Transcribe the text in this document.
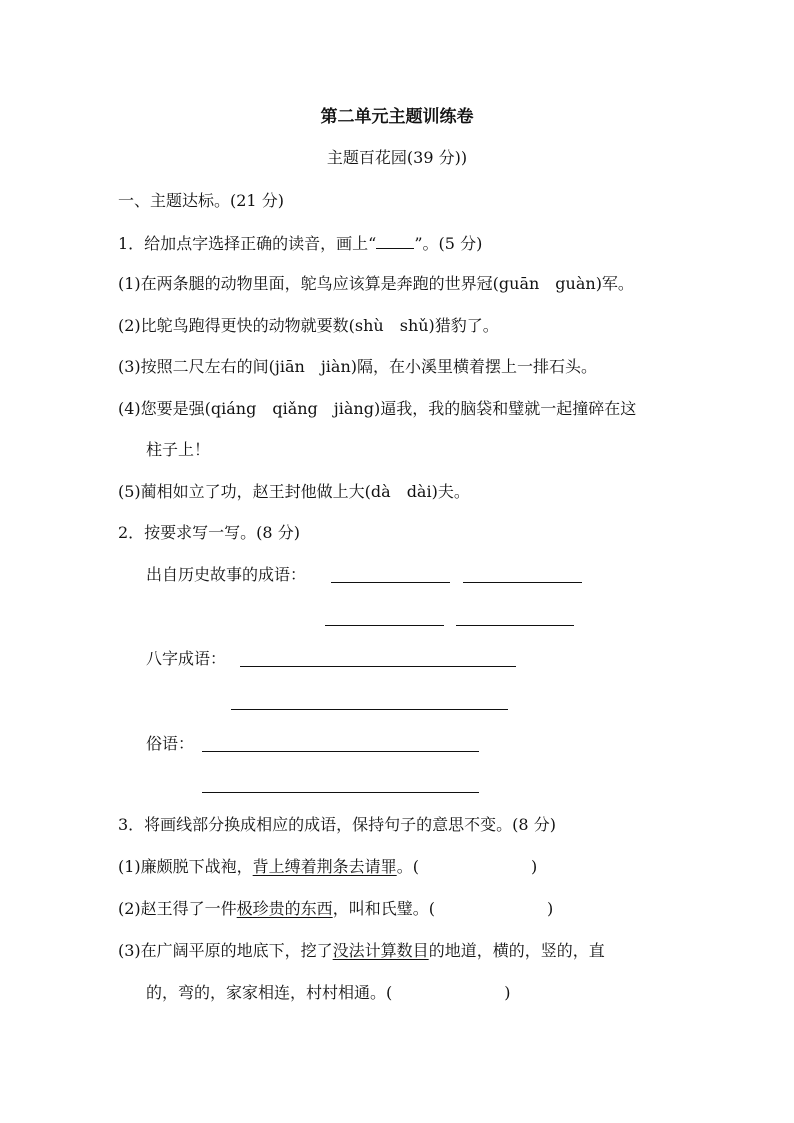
第二单元主题训练卷
主题百花园(39 分))
一、主题达标。(21 分)
1．给加点字选择正确的读音，画上“ ”。(5 分)
(1)在两条腿的动物里面，鸵鸟应该算是奔跑的世界冠(guān　guàn)军。
(2)比鸵鸟跑得更快的动物就要数(shù　shǔ)猎豹了。
(3)按照二尺左右的间(jiān　jiàn)隔，在小溪里横着摆上一排石头。
(4)您要是强(qiáng　qiǎng　jiàng)逼我，我的脑袋和璧就一起撞碎在这
柱子上！
(5)蔺相如立了功，赵王封他做上大(dà　dài)夫。
2．按要求写一写。(8 分)
出自历史故事的成语：
八字成语：
俗语：
3．将画线部分换成相应的成语，保持句子的意思不变。(8 分)
(1)廉颇脱下战袍，背上缚着荆条去请罪。(	)
(2)赵王得了一件极珍贵的东西，叫和氏璧。(	)
(3)在广阔平原的地底下，挖了没法计算数目的地道，横的，竖的，直
的，弯的，家家相连，村村相通。(	)
